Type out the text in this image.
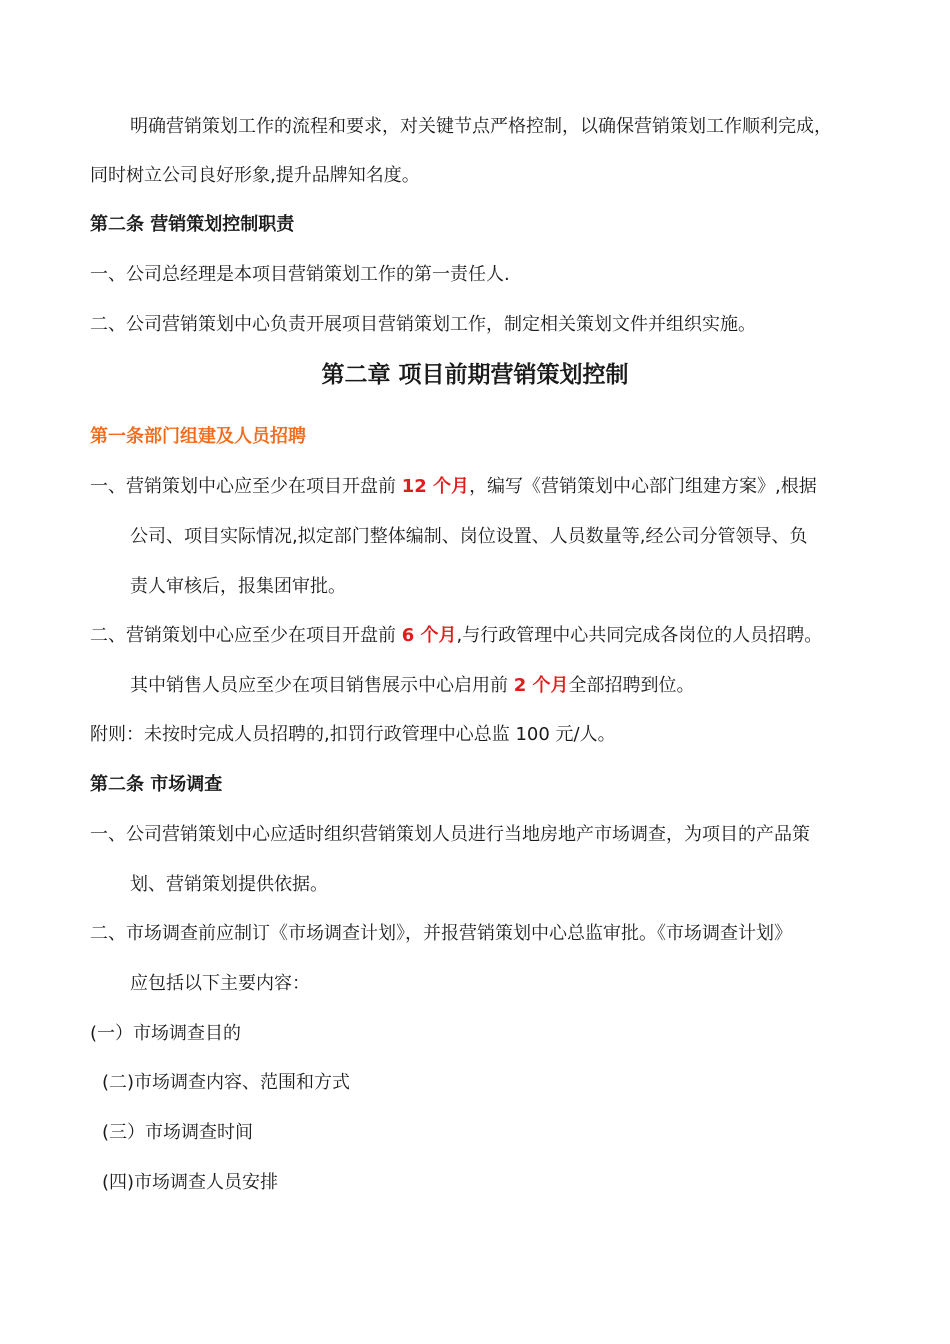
明确营销策划工作的流程和要求，对关键节点严格控制，以确保营销策划工作顺利完成，
同时树立公司良好形象,提升品牌知名度。
第二条 营销策划控制职责
一、公司总经理是本项目营销策划工作的第一责任人.
二、公司营销策划中心负责开展项目营销策划工作，制定相关策划文件并组织实施。
第二章 项目前期营销策划控制
第一条部门组建及人员招聘
一、营销策划中心应至少在项目开盘前 12 个月，编写《营销策划中心部门组建方案》,根据
公司、项目实际情况,拟定部门整体编制、岗位设置、人员数量等,经公司分管领导、负
责人审核后，报集团审批。
二、营销策划中心应至少在项目开盘前 6 个月,与行政管理中心共同完成各岗位的人员招聘。
其中销售人员应至少在项目销售展示中心启用前 2 个月全部招聘到位。
附则：未按时完成人员招聘的,扣罚行政管理中心总监 100 元/人。
第二条 市场调查
一、公司营销策划中心应适时组织营销策划人员进行当地房地产市场调查，为项目的产品策
划、营销策划提供依据。
二、市场调查前应制订《市场调查计划》，并报营销策划中心总监审批。《市场调查计划》
应包括以下主要内容：
(一）市场调查目的
(二)市场调查内容、范围和方式
(三）市场调查时间
(四)市场调查人员安排
